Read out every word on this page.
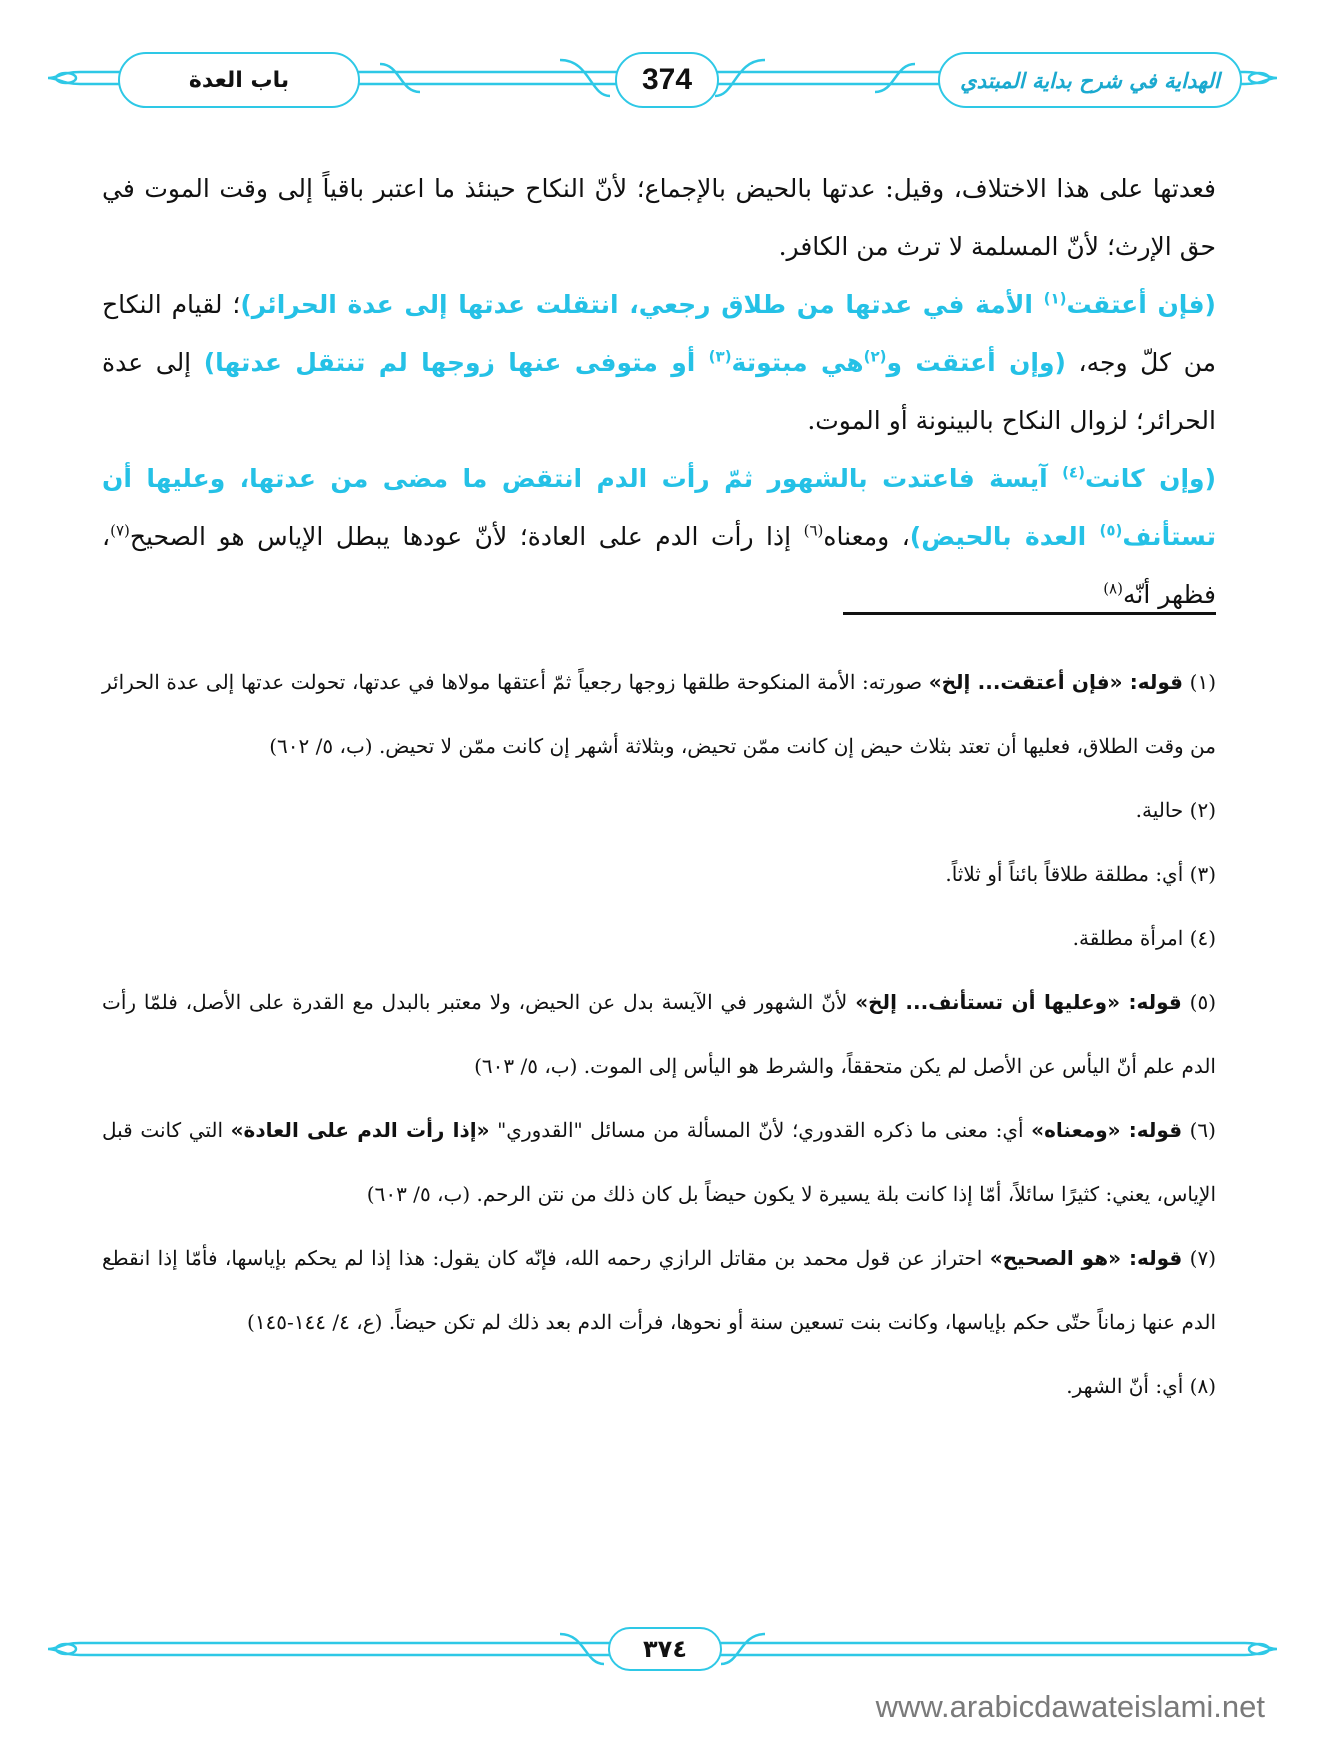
باب العدة	374	الهداية في شرح بداية المبتدي

فعدتها على هذا الاختلاف، وقيل: عدتها بالحيض بالإجماع؛ لأنّ النكاح حينئذ ما اعتبر باقياً إلى وقت الموت في حق الإرث؛ لأنّ المسلمة لا ترث من الكافر.

(فإن أعتقت$^{(١)}$ الأمة في عدتها من طلاق رجعي، انتقلت عدتها إلى عدة الحرائر)؛ لقيام النكاح من كلّ وجه، (وإن أعتقت و$^{(٢)}$هي مبتوتة$^{(٣)}$ أو متوفى عنها زوجها لم تنتقل عدتها) إلى عدة الحرائر؛ لزوال النكاح بالبينونة أو الموت.

(وإن كانت$^{(٤)}$ آيسة فاعتدت بالشهور ثمّ رأت الدم انتقض ما مضى من عدتها، وعليها أن تستأنف$^{(٥)}$ العدة بالحيض)، ومعناه$^{(٦)}$ إذا رأت الدم على العادة؛ لأنّ عودها يبطل الإياس هو الصحيح$^{(٧)}$، فظهر أنّه$^{(٨)}$

(١) قوله: «فإن أعتقت... إلخ» صورته: الأمة المنكوحة طلقها زوجها رجعياً ثمّ أعتقها مولاها في عدتها، تحولت عدتها إلى عدة الحرائر من وقت الطلاق، فعليها أن تعتد بثلاث حيض إن كانت ممّن تحيض، وبثلاثة أشهر إن كانت ممّن لا تحيض. (ب، ٥/ ٦٠٢)

(٢) حالية.

(٣) أي: مطلقة طلاقاً بائناً أو ثلاثاً.

(٤) امرأة مطلقة.

(٥) قوله: «وعليها أن تستأنف... إلخ» لأنّ الشهور في الآيسة بدل عن الحيض، ولا معتبر بالبدل مع القدرة على الأصل، فلمّا رأت الدم علم أنّ اليأس عن الأصل لم يكن متحققاً، والشرط هو اليأس إلى الموت. (ب، ٥/ ٦٠٣)

(٦) قوله: «ومعناه» أي: معنى ما ذكره القدوري؛ لأنّ المسألة من مسائل "القدوري" «إذا رأت الدم على العادة» التي كانت قبل الإياس، يعني: كثيرًا سائلاً، أمّا إذا كانت بلة يسيرة لا يكون حيضاً بل كان ذلك من نتن الرحم. (ب، ٥/ ٦٠٣)

(٧) قوله: «هو الصحيح» احتراز عن قول محمد بن مقاتل الرازي رحمه الله، فإنّه كان يقول: هذا إذا لم يحكم بإياسها، فأمّا إذا انقطع الدم عنها زماناً حتّى حكم بإياسها، وكانت بنت تسعين سنة أو نحوها، فرأت الدم بعد ذلك لم تكن حيضاً. (ع، ٤/ ١٤٤-١٤٥)

(٨) أي: أنّ الشهر.

٣٧٤
www.arabicdawateislami.net
